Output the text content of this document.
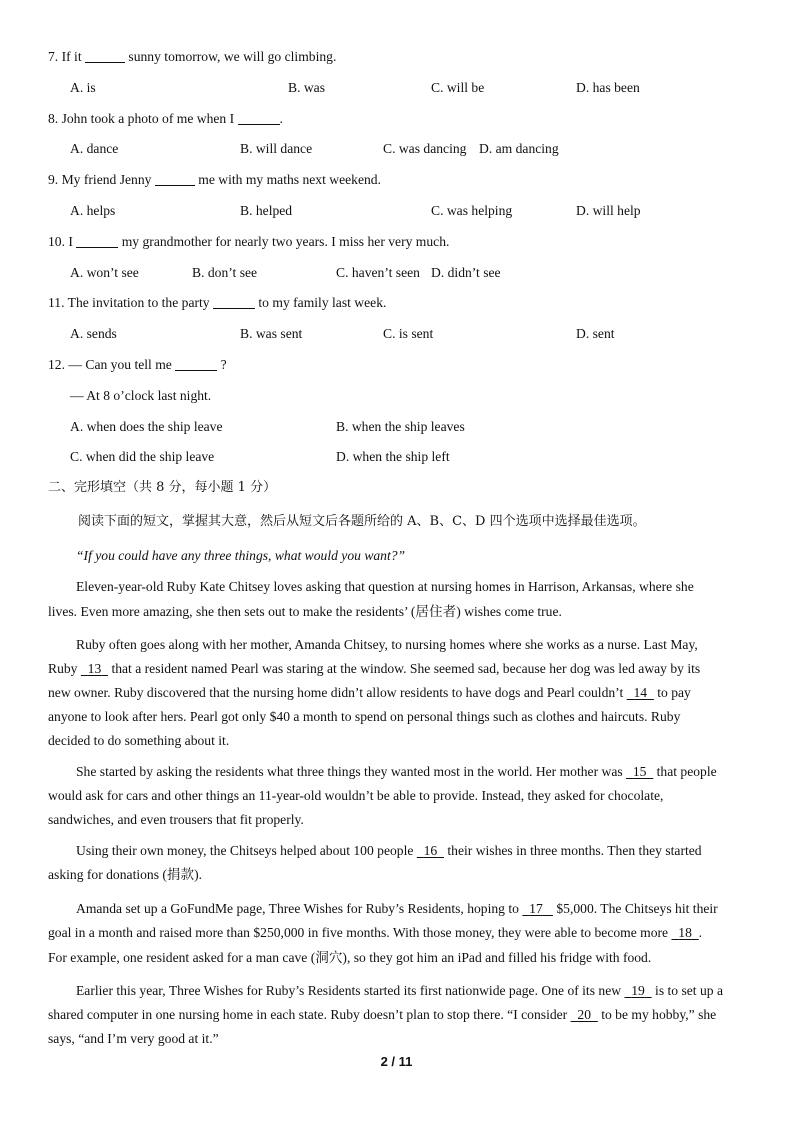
7. If it	sunny tomorrow, we will go climbing.
A. is	B. was	C. will be	D. has been
8. John took a photo of me when I	.
A. dance	B. will dance	C. was dancing D. am dancing
9. My friend Jenny	me with my maths next weekend.
A. helps	B. helped	C. was helping	D. will help
10. I	my grandmother for nearly two years. I miss her very much.
A. won’t see	B. don’t see	C. haven’t seen D. didn’t see
11. The invitation to the party	to my family last week.
A. sends	B. was sent	C. is sent	D. sent
12. — Can you tell me	?
— At 8 o’clock last night.
A. when does the ship leave	B. when the ship leaves
C. when did the ship leave	D. when the ship left
二、完形填空（共 8 分，每小题 1 分）
阅读下面的短文，掌握其大意，然后从短文后各题所给的 A、B、C、D 四个选项中选择最佳选项。
“If you could have any three things, what would you want?”
Eleven-year-old Ruby Kate Chitsey loves asking that question at nursing homes in Harrison, Arkansas, where she
lives. Even more amazing, she then sets out to make the residents’ (居住者) wishes come true.
Ruby often goes along with her mother, Amanda Chitsey, to nursing homes where she works as a nurse. Last May,
Ruby   13   that a resident named Pearl was staring at the window. She seemed sad, because her dog was led away by its
new owner. Ruby discovered that the nursing home didn’t allow residents to have dogs and Pearl couldn’t   14   to pay
anyone to look after hers. Pearl got only $40 a month to spend on personal things such as clothes and haircuts. Ruby
decided to do something about it.
She started by asking the residents what three things they wanted most in the world. Her mother was   15   that people
would ask for cars and other things an 11-year-old wouldn’t be able to provide. Instead, they asked for chocolate,
sandwiches, and even trousers that fit properly.
Using their own money, the Chitseys helped about 100 people   16   their wishes in three months. Then they started
asking for donations (捐款).
Amanda set up a GoFundMe page, Three Wishes for Ruby’s Residents, hoping to   17    $5,000. The Chitseys hit their
goal in a month and raised more than $250,000 in five months. With those money, they were able to become more   18 .
For example, one resident asked for a man cave (洞穴), so they got him an iPad and filled his fridge with food.
Earlier this year, Three Wishes for Ruby’s Residents started its first nationwide page. One of its new   19   is to set up a
shared computer in one nursing home in each state. Ruby doesn’t plan to stop there. “I consider   20   to be my hobby,” she
says, “and I’m very good at it.”
2 / 11
